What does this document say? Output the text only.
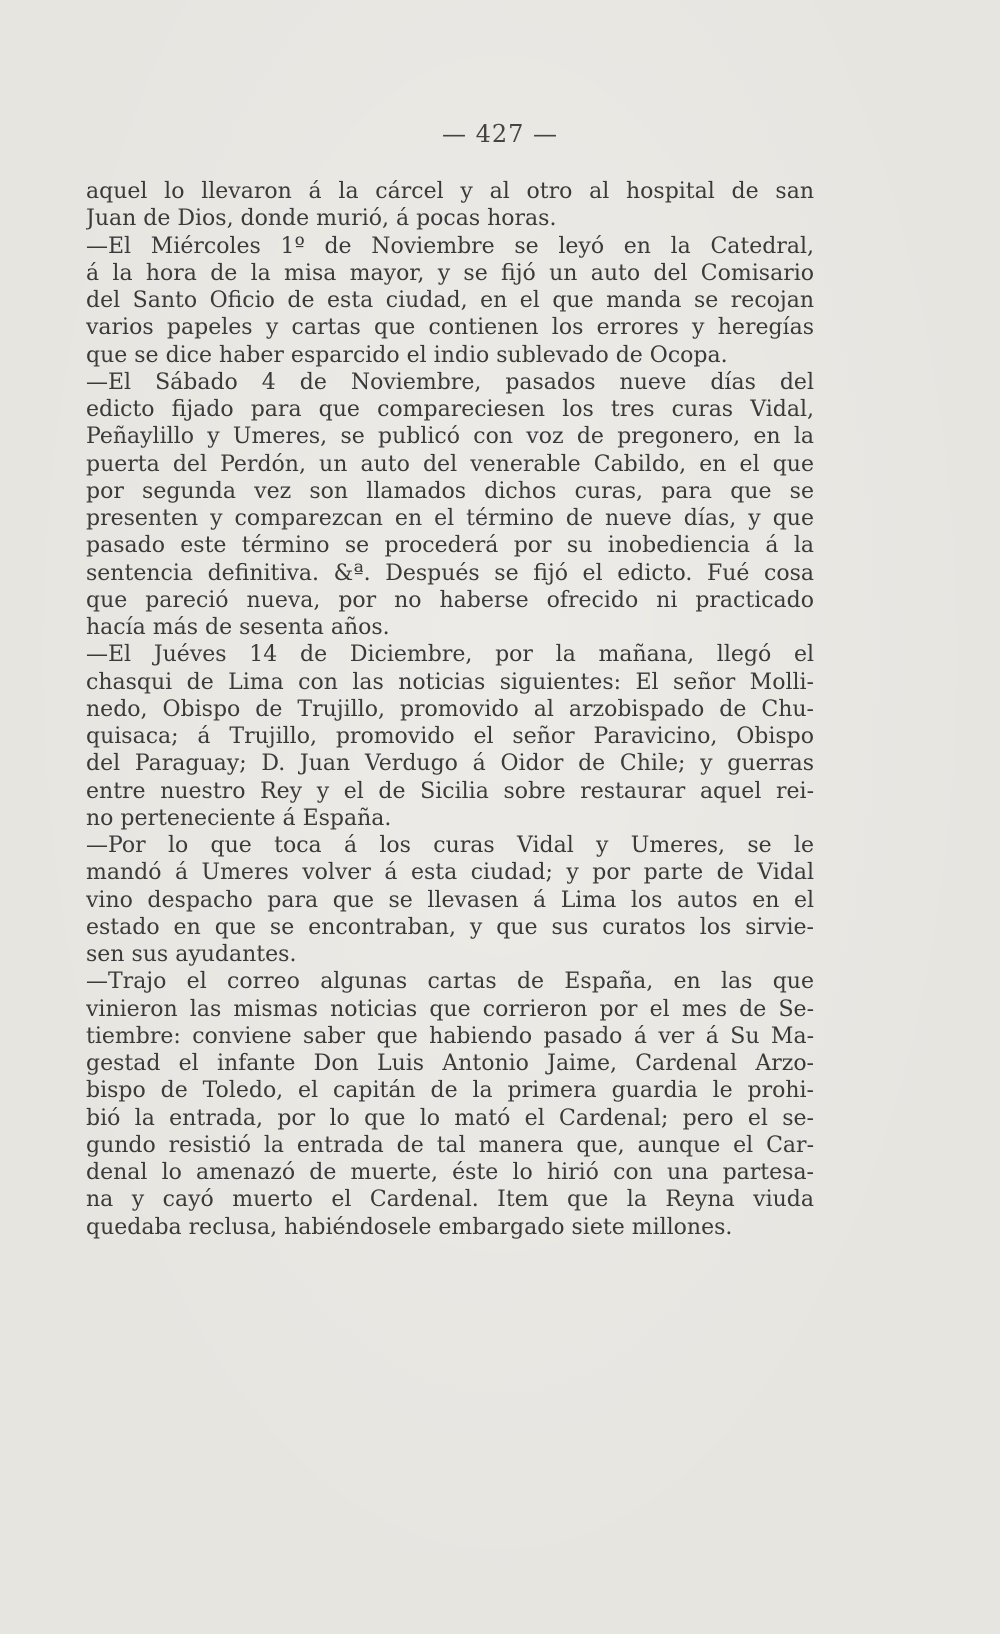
— 427 —
aquel lo llevaron á la cárcel y al otro al hospital de san
Juan de Dios, donde murió, á pocas horas.
—El Miércoles 1º de Noviembre se leyó en la Catedral,
á la hora de la misa mayor, y se fijó un auto del Comisario
del Santo Oficio de esta ciudad, en el que manda se recojan
varios papeles y cartas que contienen los errores y heregías
que se dice haber esparcido el indio sublevado de Ocopa.
—El Sábado 4 de Noviembre, pasados nueve días del
edicto fijado para que compareciesen los tres curas Vidal,
Peñaylillo y Umeres, se publicó con voz de pregonero, en la
puerta del Perdón, un auto del venerable Cabildo, en el que
por segunda vez son llamados dichos curas, para que se
presenten y comparezcan en el término de nueve días, y que
pasado este término se procederá por su inobediencia á la
sentencia definitiva. &ª. Después se fijó el edicto. Fué cosa
que pareció nueva, por no haberse ofrecido ni practicado
hacía más de sesenta años.
—El Juéves 14 de Diciembre, por la mañana, llegó el
chasqui de Lima con las noticias siguientes: El señor Molli-
nedo, Obispo de Trujillo, promovido al arzobispado de Chu-
quisaca; á Trujillo, promovido el señor Paravicino, Obispo
del Paraguay; D. Juan Verdugo á Oidor de Chile; y guerras
entre nuestro Rey y el de Sicilia sobre restaurar aquel rei-
no perteneciente á España.
—Por lo que toca á los curas Vidal y Umeres, se le
mandó á Umeres volver á esta ciudad; y por parte de Vidal
vino despacho para que se llevasen á Lima los autos en el
estado en que se encontraban, y que sus curatos los sirvie-
sen sus ayudantes.
—Trajo el correo algunas cartas de España, en las que
vinieron las mismas noticias que corrieron por el mes de Se-
tiembre: conviene saber que habiendo pasado á ver á Su Ma-
gestad el infante Don Luis Antonio Jaime, Cardenal Arzo-
bispo de Toledo, el capitán de la primera guardia le prohi-
bió la entrada, por lo que lo mató el Cardenal; pero el se-
gundo resistió la entrada de tal manera que, aunque el Car-
denal lo amenazó de muerte, éste lo hirió con una partesa-
na y cayó muerto el Cardenal. Item que la Reyna viuda
quedaba reclusa, habiéndosele embargado siete millones.
